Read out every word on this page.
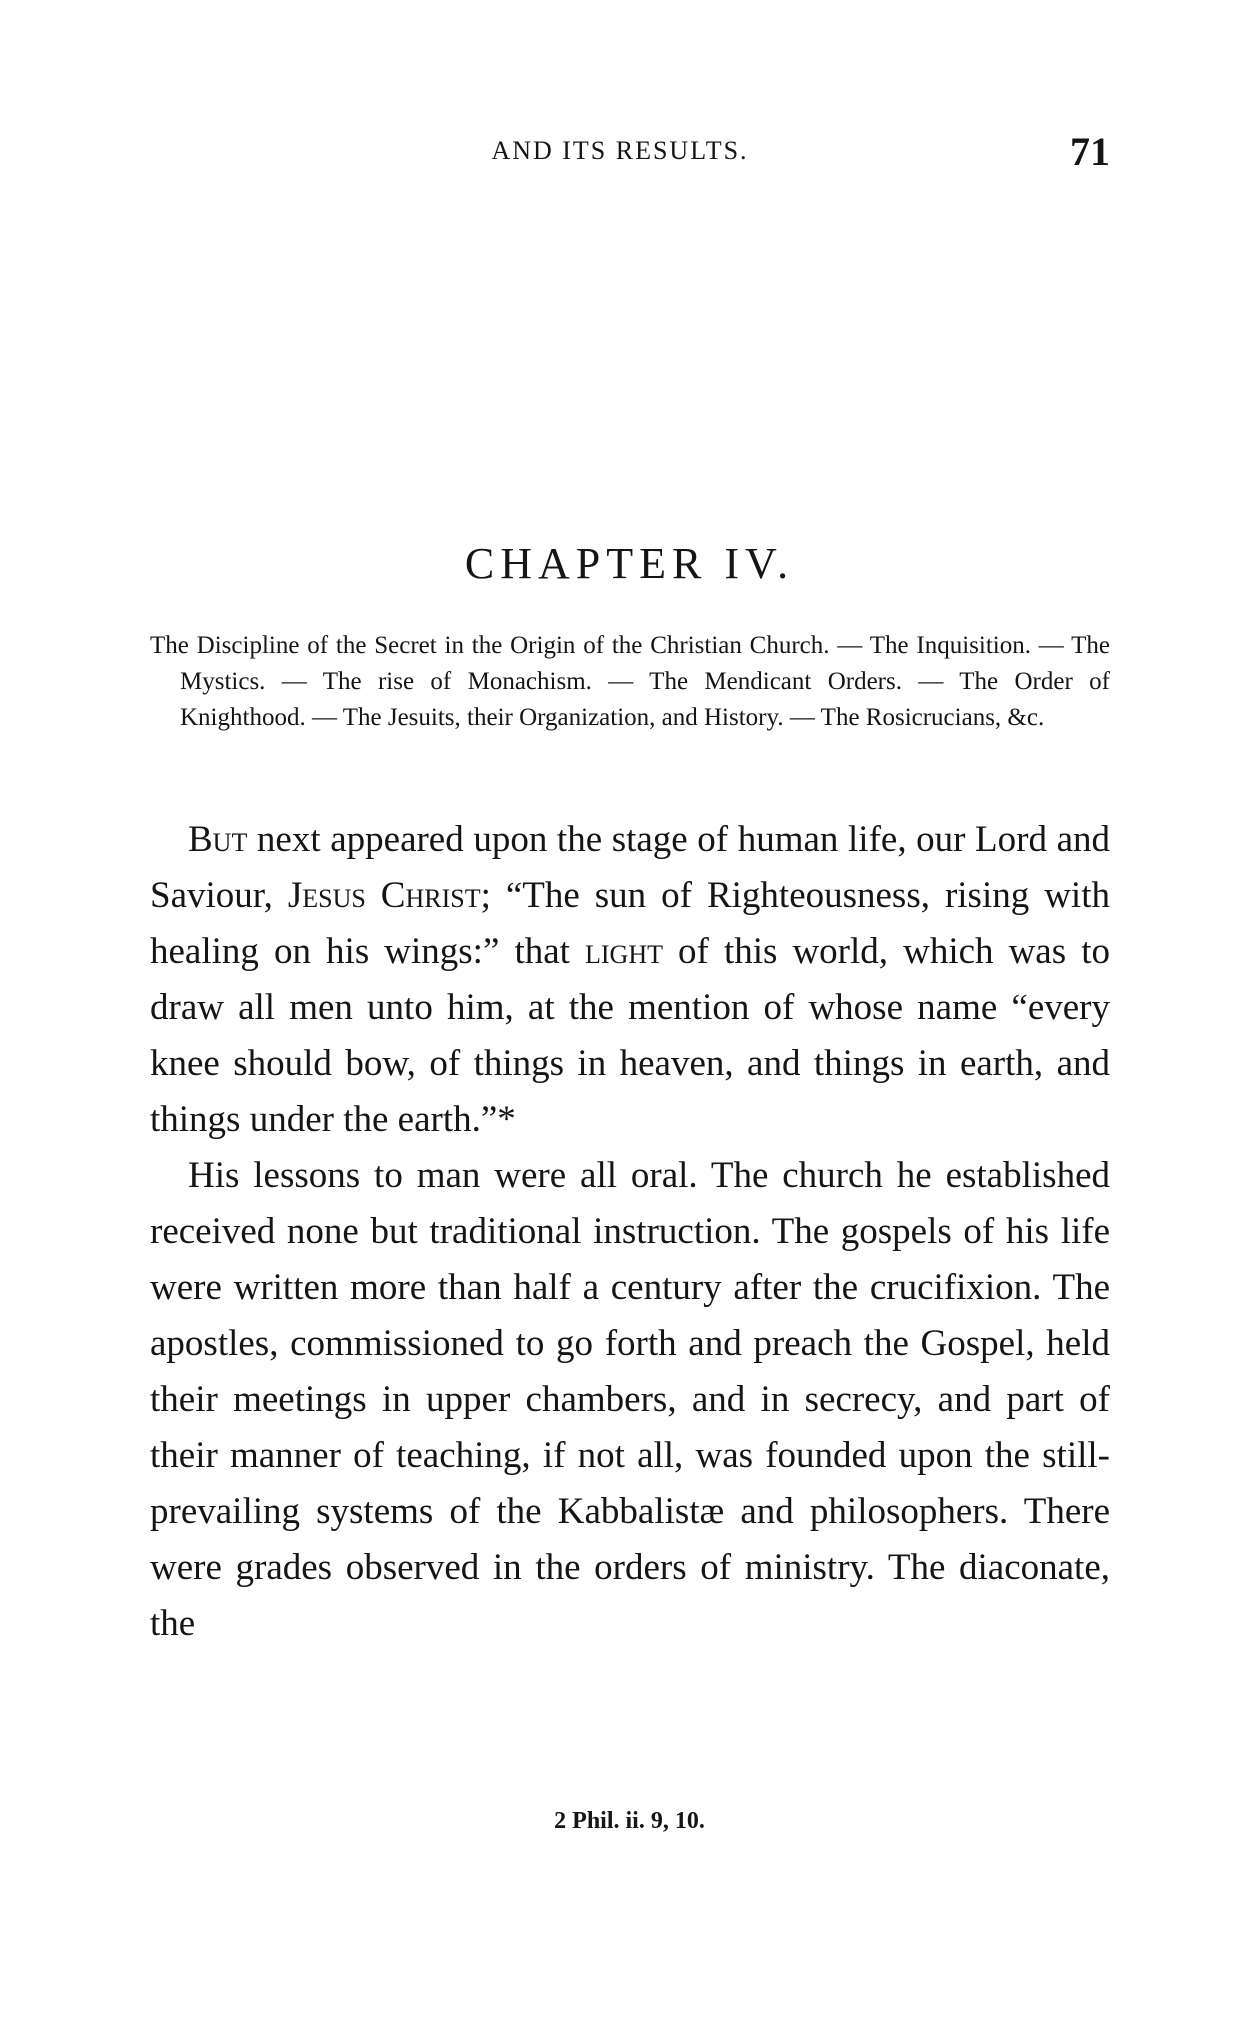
AND ITS RESULTS.	71
CHAPTER IV.
The Discipline of the Secret in the Origin of the Christian Church. — The Inquisition. — The Mystics. — The rise of Monachism. — The Mendicant Orders. — The Order of Knighthood. — The Jesuits, their Organization, and History. — The Rosicrucians, &c.

But next appeared upon the stage of human life, our Lord and Saviour, Jesus Christ; “The sun of Righteousness, rising with healing on his wings:” that light of this world, which was to draw all men unto him, at the mention of whose name “every knee should bow, of things in heaven, and things in earth, and things under the earth.”*

His lessons to man were all oral. The church he established received none but traditional instruction. The gospels of his life were written more than half a century after the crucifixion. The apostles, commissioned to go forth and preach the Gospel, held their meetings in upper chambers, and in secrecy, and part of their manner of teaching, if not all, was founded upon the still-prevailing systems of the Kabbalistæ and philosophers. There were grades observed in the orders of ministry. The diaconate, the

2 Phil. ii. 9, 10.
